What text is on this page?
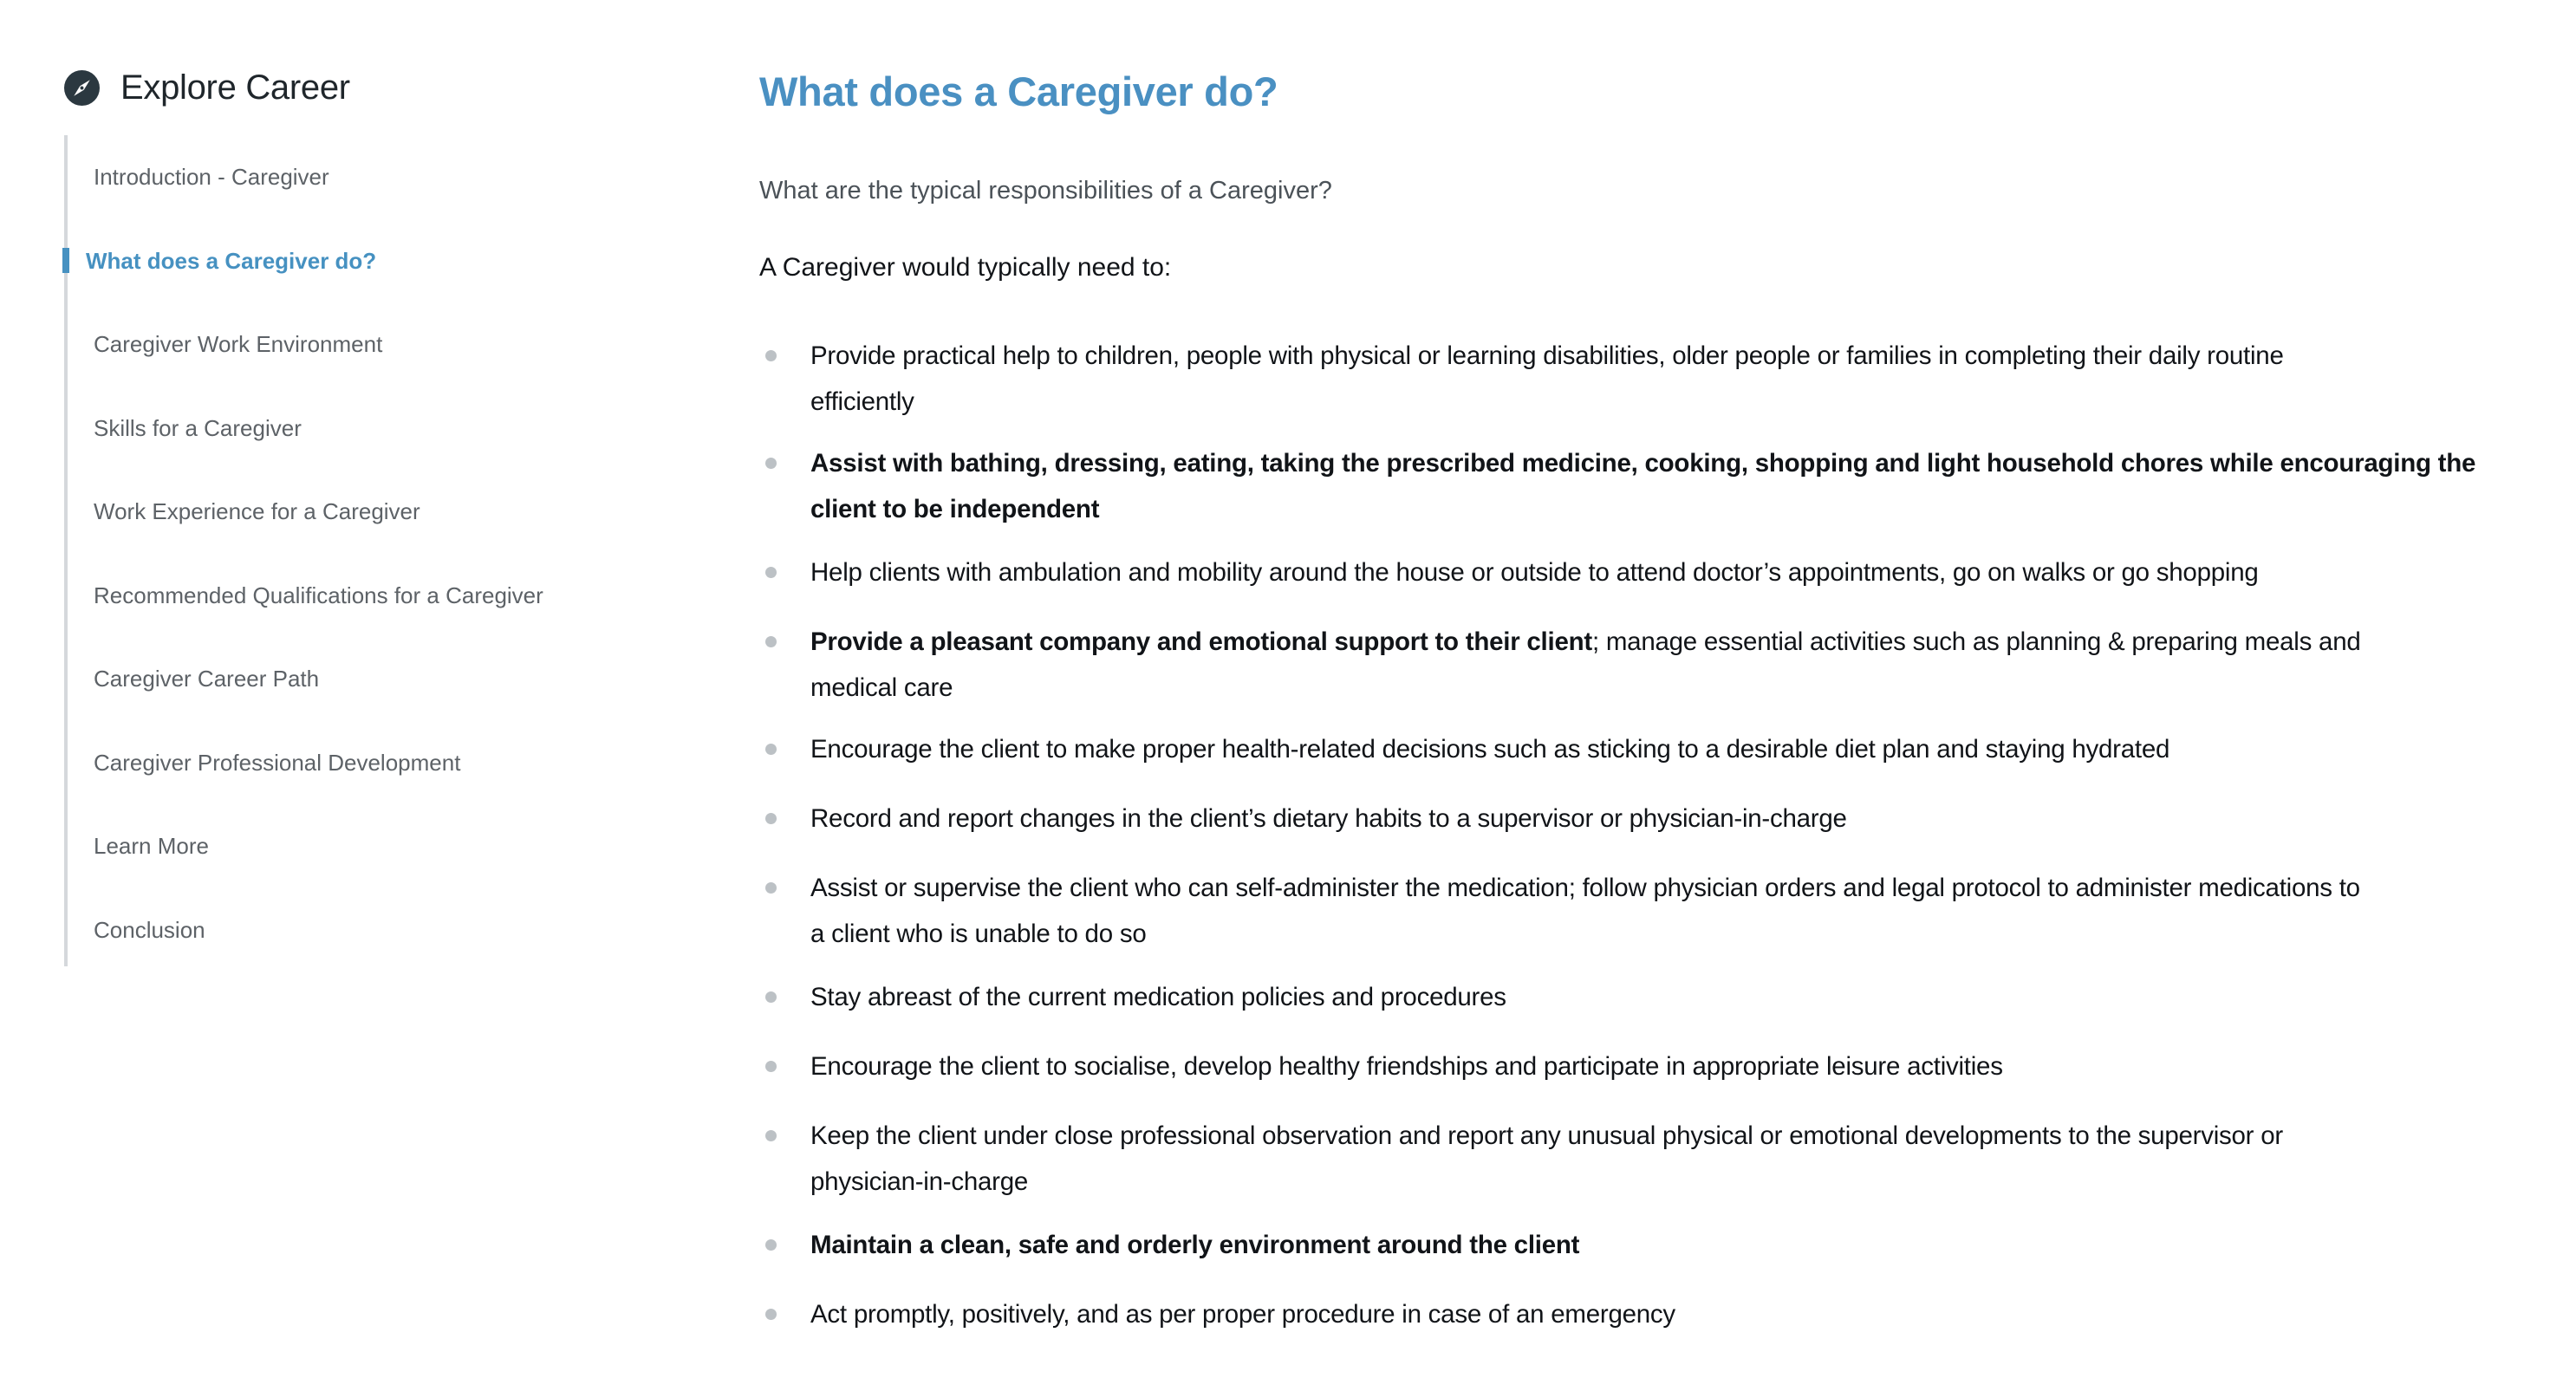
Explore Career
Introduction - Caregiver
What does a Caregiver do?
Caregiver Work Environment
Skills for a Caregiver
Work Experience for a Caregiver
Recommended Qualifications for a Caregiver
Caregiver Career Path
Caregiver Professional Development
Learn More
Conclusion
What does a Caregiver do?
What are the typical responsibilities of a Caregiver?

A Caregiver would typically need to:

Provide practical help to children, people with physical or learning disabilities, older people or families in completing their daily routine
efficiently
Assist with bathing, dressing, eating, taking the prescribed medicine, cooking, shopping and light household chores while encouraging the
client to be independent
Help clients with ambulation and mobility around the house or outside to attend doctor’s appointments, go on walks or go shopping
Provide a pleasant company and emotional support to their client; manage essential activities such as planning & preparing meals and
medical care
Encourage the client to make proper health-related decisions such as sticking to a desirable diet plan and staying hydrated
Record and report changes in the client’s dietary habits to a supervisor or physician-in-charge
Assist or supervise the client who can self-administer the medication; follow physician orders and legal protocol to administer medications to
a client who is unable to do so
Stay abreast of the current medication policies and procedures
Encourage the client to socialise, develop healthy friendships and participate in appropriate leisure activities
Keep the client under close professional observation and report any unusual physical or emotional developments to the supervisor or
physician-in-charge
Maintain a clean, safe and orderly environment around the client
Act promptly, positively, and as per proper procedure in case of an emergency
